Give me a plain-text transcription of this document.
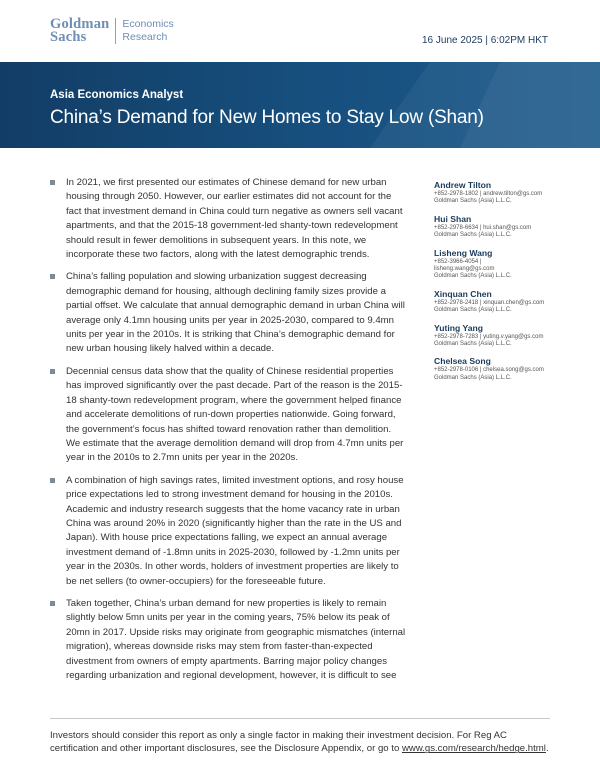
Goldman
Sachs
Economics
Research	16 June 2025 | 6:02PM HKT
Asia Economics Analyst
China’s Demand for New Homes to Stay Low (Shan)
In 2021, we first presented our estimates of Chinese demand for new urban housing through 2050. However, our earlier estimates did not account for the fact that investment demand in China could turn negative as owners sell vacant apartments, and that the 2015-18 government-led shanty-town redevelopment should result in fewer demolitions in subsequent years. In this note, we incorporate these two factors, along with the latest demographic trends.
China’s falling population and slowing urbanization suggest decreasing demographic demand for housing, although declining family sizes provide a partial offset. We calculate that annual demographic demand in urban China will average only 4.1mn housing units per year in 2025-2030, compared to 9.4mn units per year in the 2010s. It is striking that China’s demographic demand for new urban housing likely halved within a decade.
Decennial census data show that the quality of Chinese residential properties has improved significantly over the past decade. Part of the reason is the 2015-18 shanty-town redevelopment program, where the government helped finance and accelerate demolitions of run-down properties nationwide. Going forward, the government’s focus has shifted toward renovation rather than demolition. We estimate that the average demolition demand will drop from 4.7mn units per year in the 2010s to 2.7mn units per year in the 2020s.
A combination of high savings rates, limited investment options, and rosy house price expectations led to strong investment demand for housing in the 2010s. Academic and industry research suggests that the home vacancy rate in urban China was around 20% in 2020 (significantly higher than the rate in the US and Japan). With house price expectations falling, we expect an annual average investment demand of -1.8mn units in 2025-2030, followed by -1.2mn units per year in the 2030s. In other words, holders of investment properties are likely to be net sellers (to owner-occupiers) for the foreseeable future.
Taken together, China’s urban demand for new properties is likely to remain slightly below 5mn units per year in the coming years, 75% below its peak of 20mn in 2017. Upside risks may originate from geographic mismatches (internal migration), whereas downside risks may stem from faster-than-expected divestment from owners of empty apartments. Barring major policy changes regarding urbanization and regional development, however, it is difficult to see
Andrew Tilton
+852-2978-1802 | andrew.tilton@gs.com
Goldman Sachs (Asia) L.L.C.
Hui Shan
+852-2978-6634 | hui.shan@gs.com
Goldman Sachs (Asia) L.L.C.
Lisheng Wang
+852-3966-4054 |
lisheng.wang@gs.com
Goldman Sachs (Asia) L.L.C.
Xinquan Chen
+852-2978-2418 | xinquan.chen@gs.com
Goldman Sachs (Asia) L.L.C.
Yuting Yang
+852-2978-7283 | yuting.v.yang@gs.com
Goldman Sachs (Asia) L.L.C.
Chelsea Song
+852-2978-0106 | chelsea.song@gs.com
Goldman Sachs (Asia) L.L.C.
Investors should consider this report as only a single factor in making their investment decision. For Reg AC certification and other important disclosures, see the Disclosure Appendix, or go to www.gs.com/research/hedge.html.
